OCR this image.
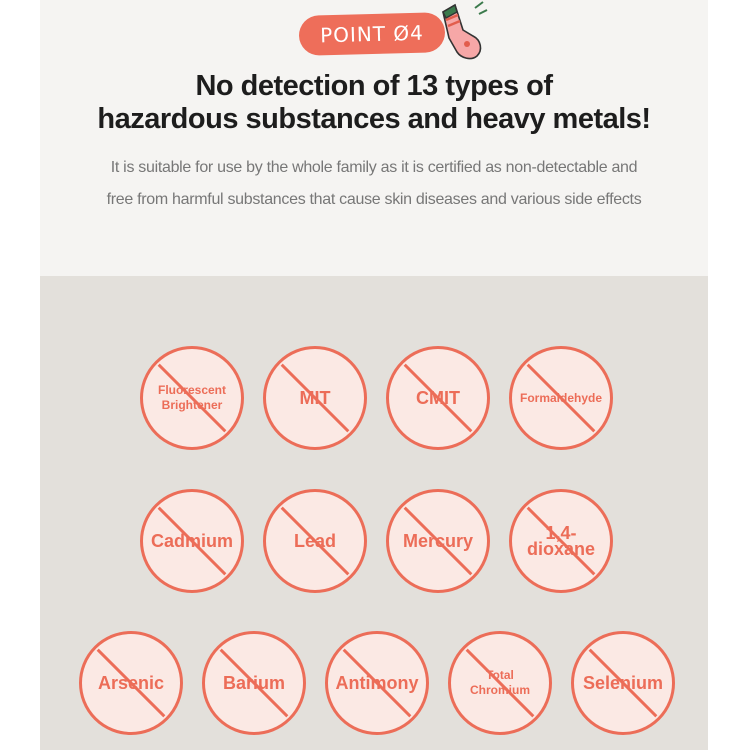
POINT Ø4
No detection of 13 types of
hazardous substances and heavy metals!
It is suitable for use by the whole family as it is certified as non-detectable and
free from harmful substances that cause skin diseases and various side effects
Fluorescent Brightener	MIT	CMIT	Formaldehyde
Cadmium	Lead	Mercury	1,4-dioxane
Arsenic	Barium	Antimony	Total Chromium	Selenium
